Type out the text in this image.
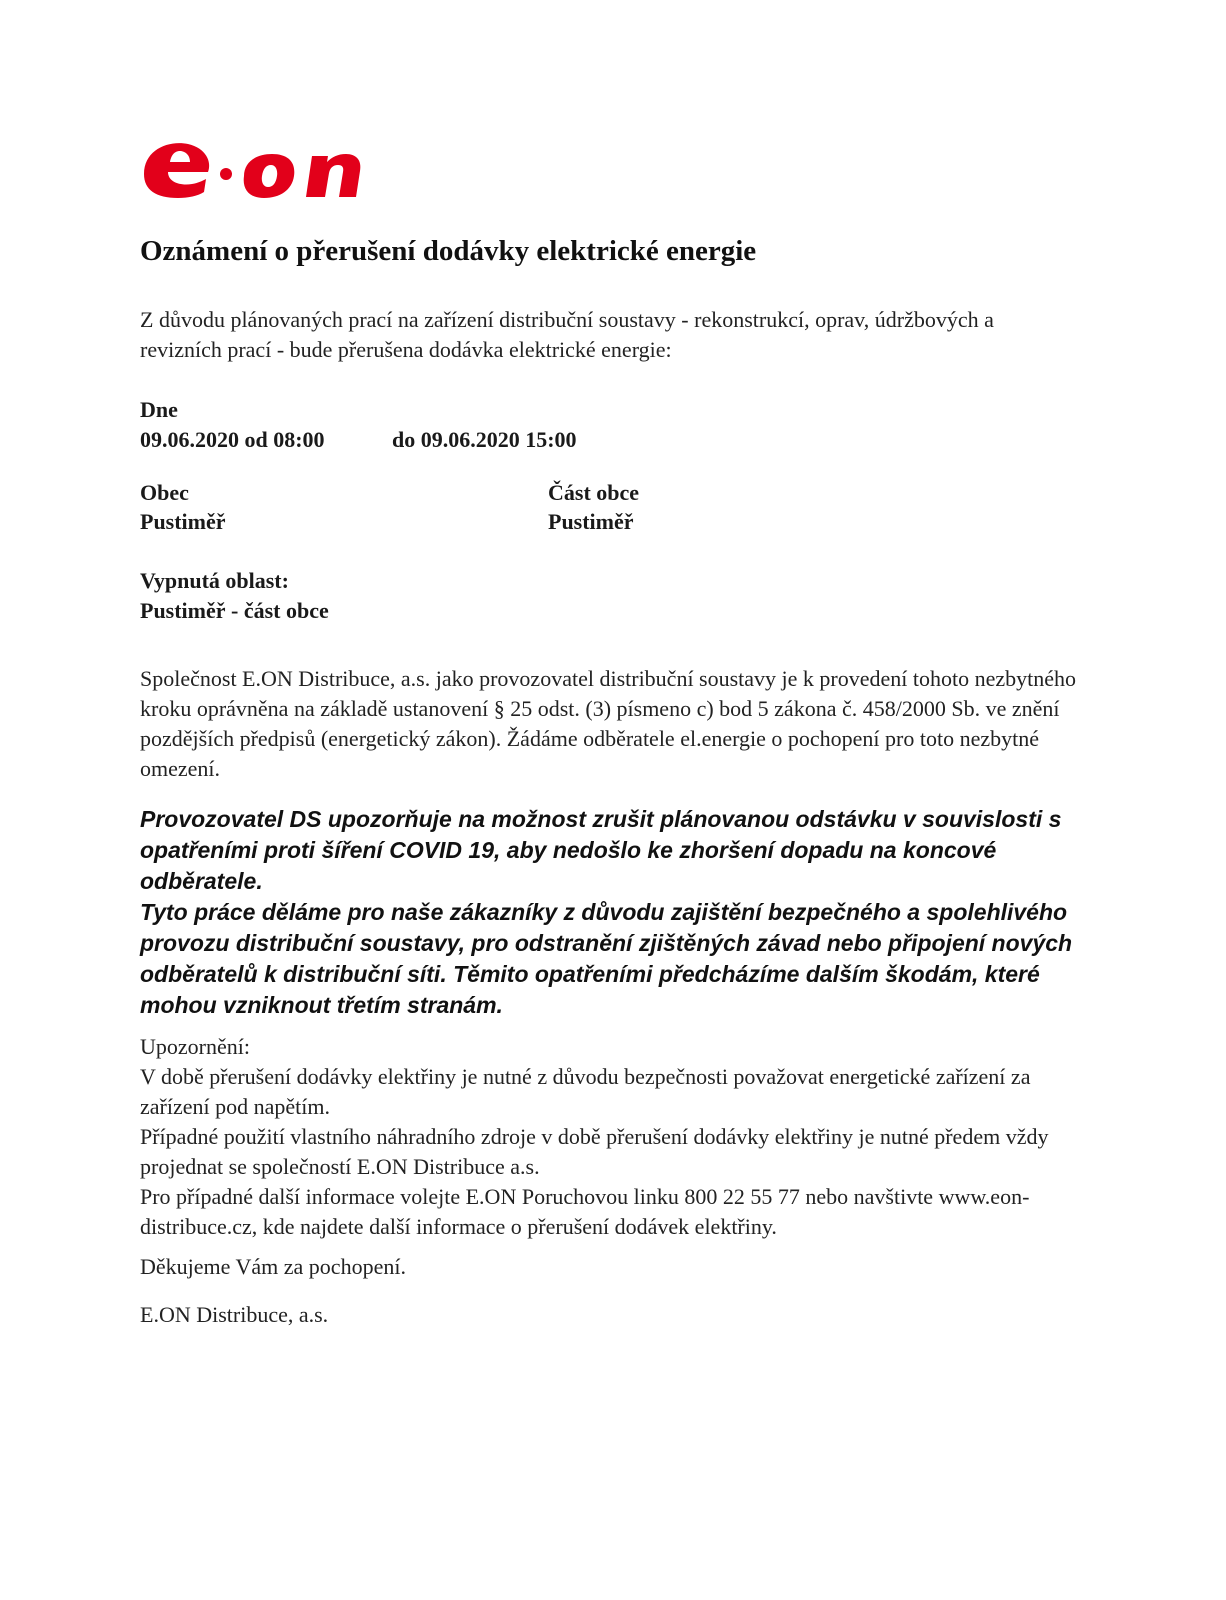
Oznámení o přerušení dodávky elektrické energie
Z důvodu plánovaných prací na zařízení distribuční soustavy - rekonstrukcí, oprav, údržbových a revizních prací - bude přerušena dodávka elektrické energie:
Dne
09.06.2020 od 08:00	do 09.06.2020 15:00
Obec
Pustiměř
Část obce
Pustiměř
Vypnutá oblast:
Pustiměř - část obce
Společnost E.ON Distribuce, a.s. jako provozovatel distribuční soustavy je k provedení tohoto nezbytného kroku oprávněna na základě ustanovení § 25 odst. (3) písmeno c) bod 5 zákona č. 458/2000 Sb. ve znění pozdějších předpisů (energetický zákon). Žádáme odběratele el.energie o pochopení pro toto nezbytné omezení.

Provozovatel DS upozorňuje na možnost zrušit plánovanou odstávku v souvislosti s opatřeními proti šíření COVID 19, aby nedošlo ke zhoršení dopadu na koncové odběratele.

Tyto práce děláme pro naše zákazníky z důvodu zajištění bezpečného a spolehlivého provozu distribuční soustavy, pro odstranění zjištěných závad nebo připojení nových odběratelů k distribuční síti. Těmito opatřeními předcházíme dalším škodám, které mohou vzniknout třetím stranám.

Upozornění:
V době přerušení dodávky elektřiny je nutné z důvodu bezpečnosti považovat energetické zařízení za zařízení pod napětím.
Případné použití vlastního náhradního zdroje v době přerušení dodávky elektřiny je nutné předem vždy projednat se společností E.ON Distribuce a.s.
Pro případné další informace volejte E.ON Poruchovou linku 800 22 55 77 nebo navštivte www.eon-distribuce.cz, kde najdete další informace o přerušení dodávek elektřiny.
Děkujeme Vám za pochopení.
E.ON Distribuce, a.s.
